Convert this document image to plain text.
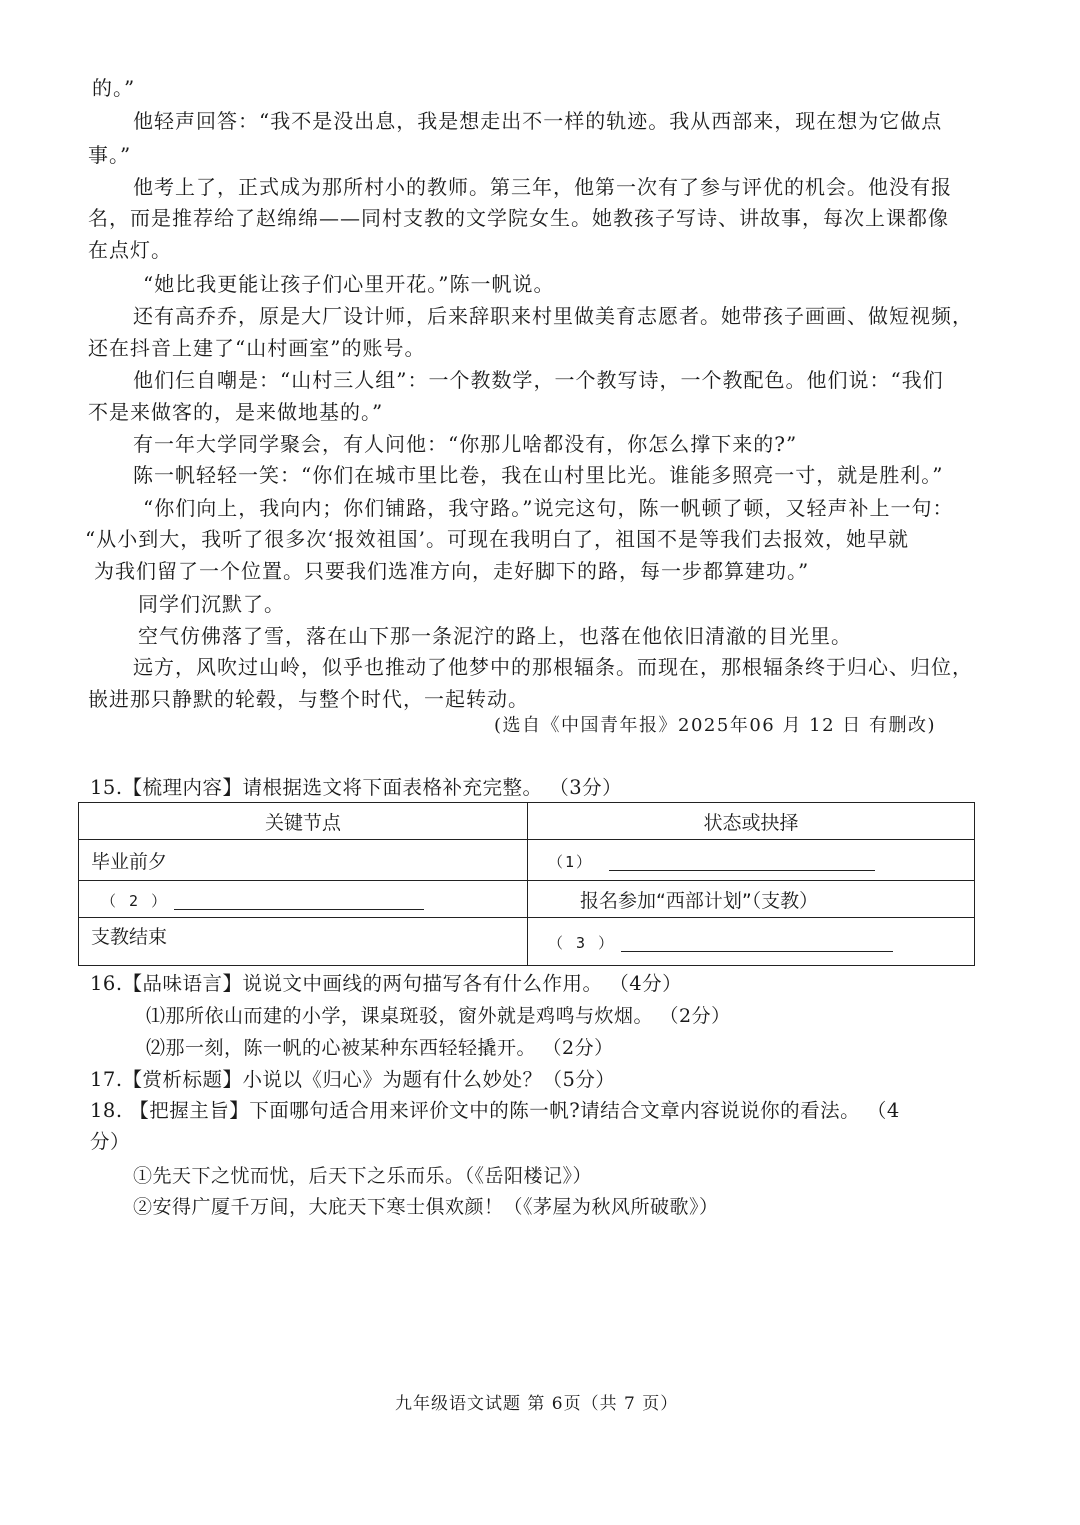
的。”
他轻声回答：“我不是没出息，我是想走出不一样的轨迹。我从西部来，现在想为它做点
事。”
他考上了，正式成为那所村小的教师。第三年，他第一次有了参与评优的机会。他没有报
名，而是推荐给了赵绵绵——同村支教的文学院女生。她教孩子写诗、讲故事，每次上课都像
在点灯。
“她比我更能让孩子们心里开花。”陈一帆说。
还有高乔乔，原是大厂设计师，后来辞职来村里做美育志愿者。她带孩子画画、做短视频，
还在抖音上建了“山村画室”的账号。
他们仨自嘲是：“山村三人组”：一个教数学，一个教写诗，一个教配色。他们说：“我们
不是来做客的，是来做地基的。”
有一年大学同学聚会，有人问他：“你那儿啥都没有，你怎么撑下来的?”
陈一帆轻轻一笑：“你们在城市里比卷，我在山村里比光。谁能多照亮一寸，就是胜利。”
“你们向上，我向内；你们铺路，我守路。”说完这句，陈一帆顿了顿，又轻声补上一句：
“从小到大，我听了很多次‘报效祖国’。可现在我明白了，祖国不是等我们去报效，她早就
为我们留了一个位置。只要我们选准方向，走好脚下的路，每一步都算建功。”
同学们沉默了。
空气仿佛落了雪，落在山下那一条泥泞的路上，也落在他依旧清澈的目光里。
远方，风吹过山岭，似乎也推动了他梦中的那根辐条。而现在，那根辐条终于归心、归位，
嵌进那只静默的轮毂，与整个时代，一起转动。
(选自《中国青年报》2025年06 月 12 日 有删改)
15.【梳理内容】请根据选文将下面表格补充完整。 （3分）
关键节点	状态或抉择
毕业前夕	（1）
（ 2 ）	报名参加“西部计划”（支教）
支教结束	（ 3 ）
16.【品味语言】说说文中画线的两句描写各有什么作用。 （4分）
⑴那所依山而建的小学，课桌斑驳，窗外就是鸡鸣与炊烟。 （2分）
⑵那一刻，陈一帆的心被某种东西轻轻撬开。 （2分）
17.【赏析标题】小说以《归心》为题有什么妙处？（5分）
18. 【把握主旨】下面哪句适合用来评价文中的陈一帆?请结合文章内容说说你的看法。 （4
分）
①先天下之忧而忧，后天下之乐而乐。（《岳阳楼记》）
②安得广厦千万间，大庇天下寒士俱欢颜！（《茅屋为秋风所破歌》）
九年级语文试题 第 6页（共 7 页）
